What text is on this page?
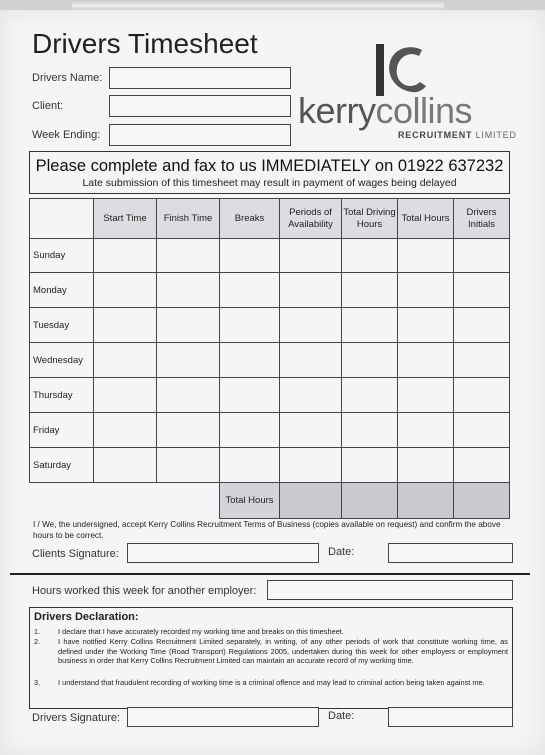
Drivers Timesheet
Drivers Name:
Client:
Week Ending:
kerrycollins
RECRUITMENT LIMITED
Please complete and fax to us IMMEDIATELY on 01922 637232
Late submission of this timesheet may result in payment of wages being delayed
	Start Time	Finish Time	Breaks	Periods of Availability	Total Driving Hours	Total Hours	Drivers Initials
Sunday							
Monday							
Tuesday							
Wednesday							
Thursday							
Friday							
Saturday							
			Total Hours				
I / We, the undersigned, accept Kerry Collins Recruitment Terms of Business (copies available on request) and confirm the above hours to be correct.
Clients Signature:	Date:
Hours worked this week for another employer:
Drivers Declaration:
1. I declare that I have accurately recorded my working time and breaks on this timesheet.
2. I have notified Kerry Collins Recruitment Limited separately, in writing, of any other periods of work that constitute working time, as defined under the Working Time (Road Transport) Regulations 2005, undertaken during this week for other employers or employment business in order that Kerry Collins Recruitment Limited can maintain an accurate record of my working time.
3. I understand that fraudulent recording of working time is a criminal offence and may lead to criminal action being taken against me.
Drivers Signature:	Date:
